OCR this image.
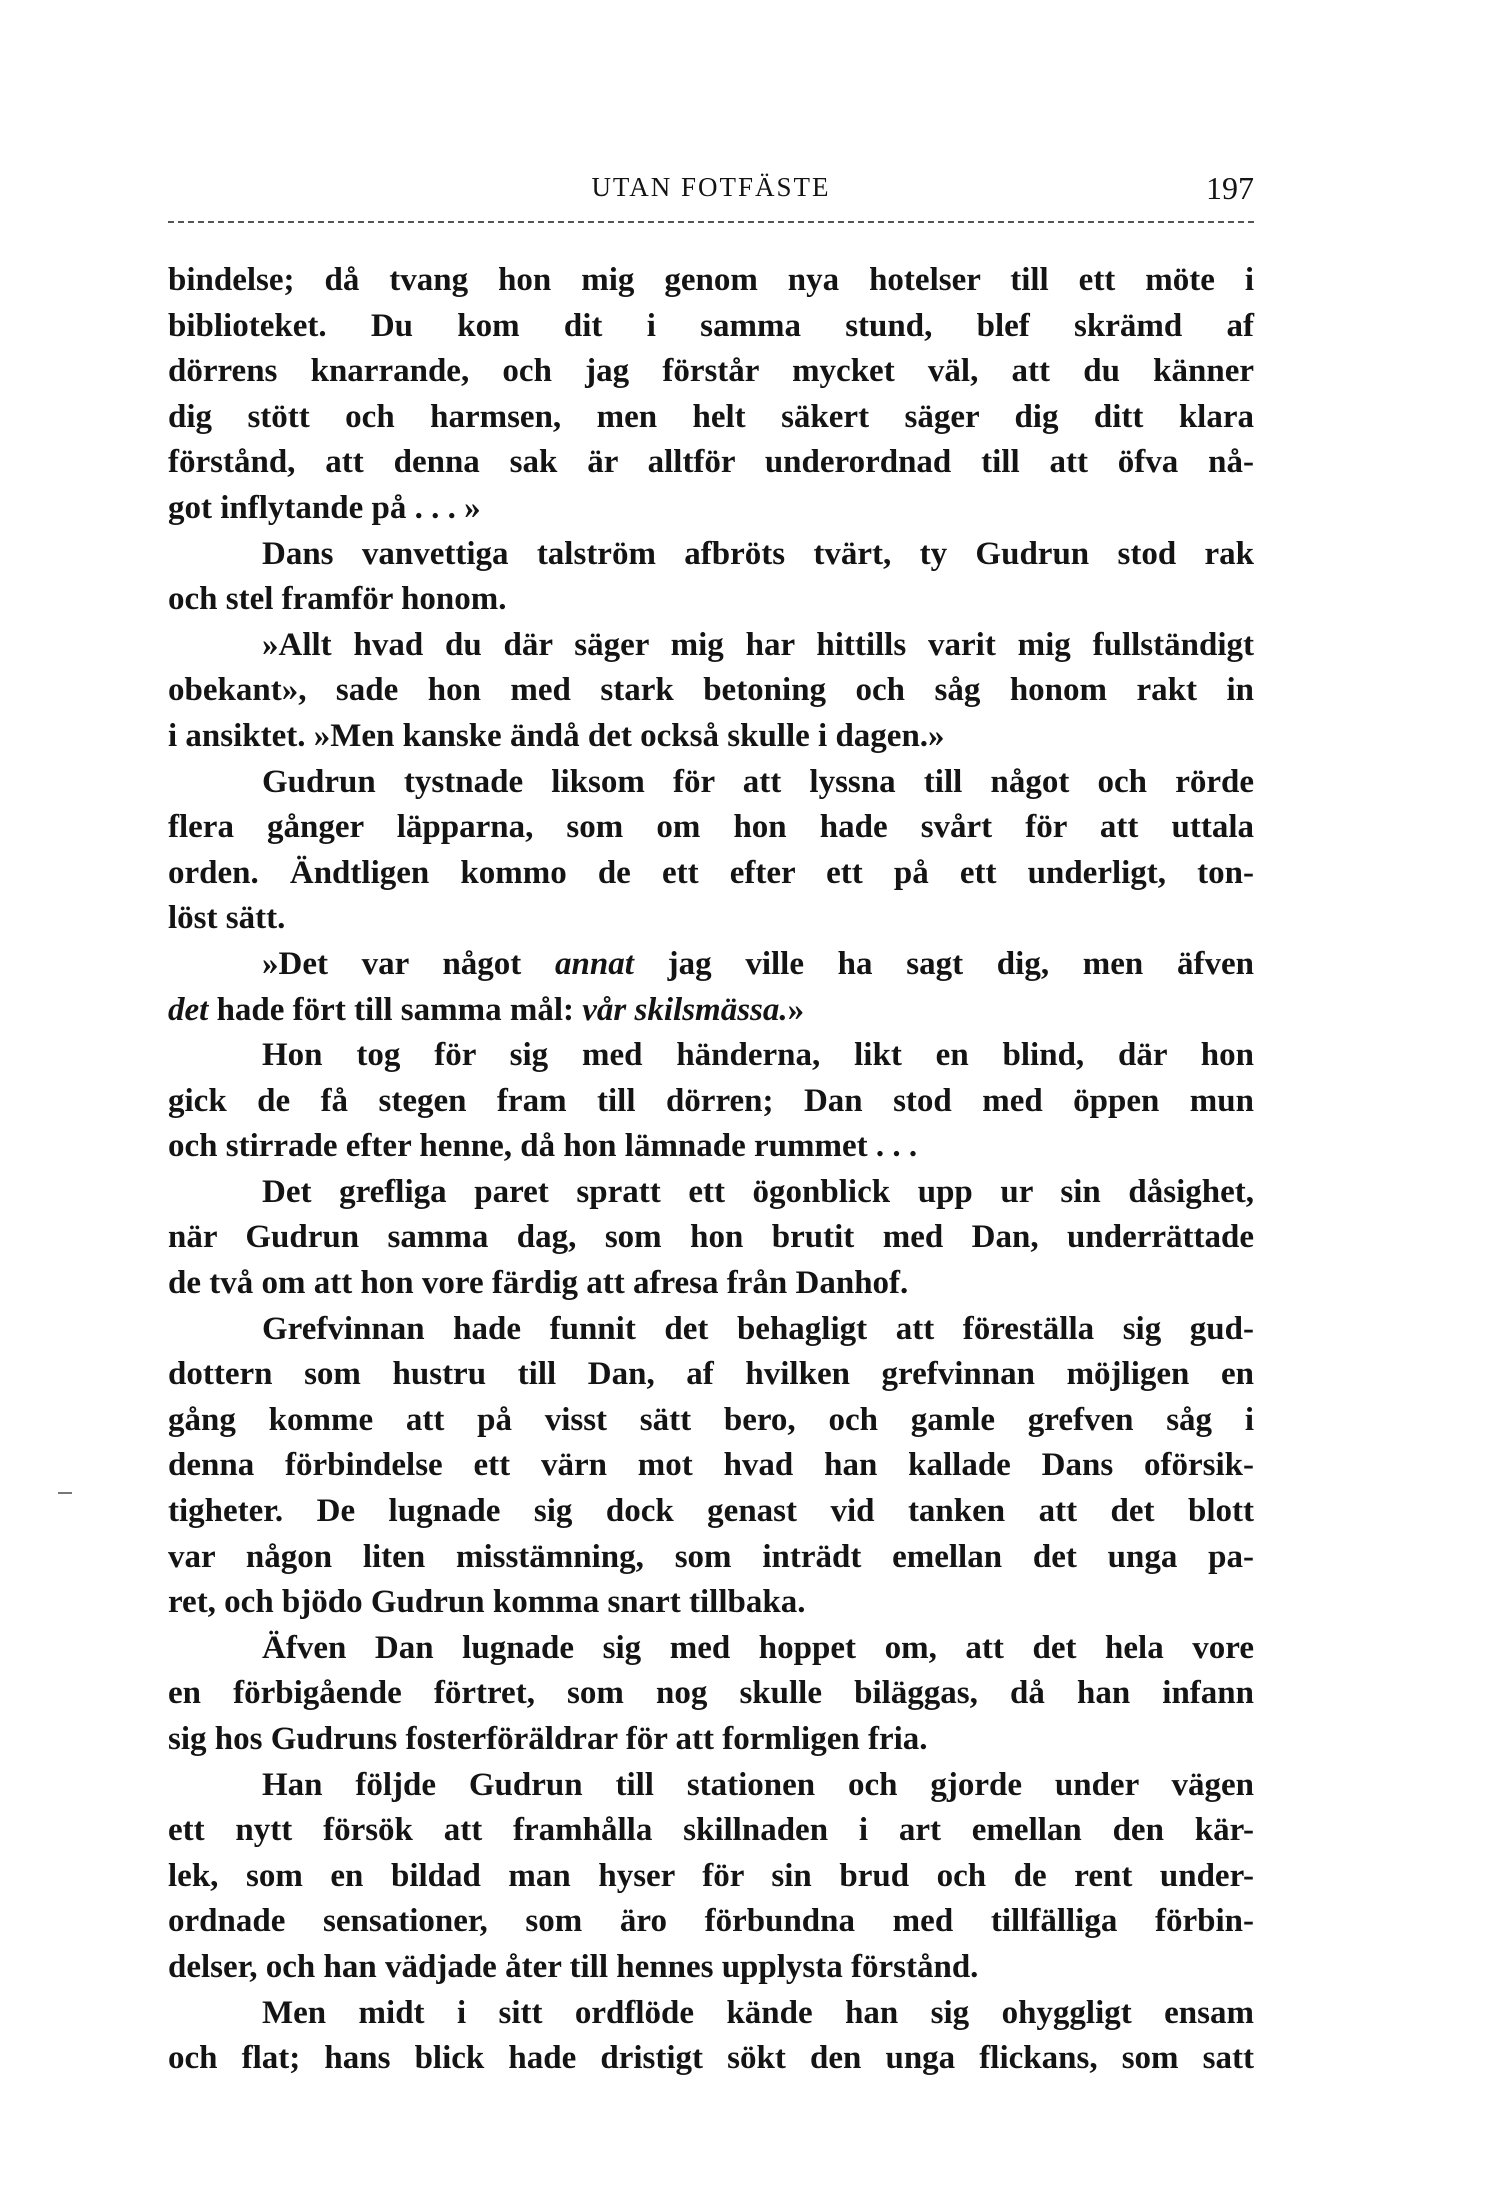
UTAN FOTFÄSTE	197
bindelse; då tvang hon mig genom nya hotelser till ett möte i
biblioteket. Du kom dit i samma stund, blef skrämd af
dörrens knarrande, och jag förstår mycket väl, att du känner
dig stött och harmsen, men helt säkert säger dig ditt klara
förstånd, att denna sak är alltför underordnad till att öfva nå-
got inflytande på . . . »
Dans vanvettiga talström afbröts tvärt, ty Gudrun stod rak
och stel framför honom.
»Allt hvad du där säger mig har hittills varit mig fullständigt
obekant», sade hon med stark betoning och såg honom rakt in
i ansiktet. »Men kanske ändå det också skulle i dagen.»
Gudrun tystnade liksom för att lyssna till något och rörde
flera gånger läpparna, som om hon hade svårt för att uttala
orden. Ändtligen kommo de ett efter ett på ett underligt, ton-
löst sätt.
»Det var något annat jag ville ha sagt dig, men äfven
det hade fört till samma mål: vår skilsmässa.»
Hon tog för sig med händerna, likt en blind, där hon
gick de få stegen fram till dörren; Dan stod med öppen mun
och stirrade efter henne, då hon lämnade rummet . . .
Det grefliga paret spratt ett ögonblick upp ur sin dåsighet,
när Gudrun samma dag, som hon brutit med Dan, underrättade
de två om att hon vore färdig att afresa från Danhof.
Grefvinnan hade funnit det behagligt att föreställa sig gud-
dottern som hustru till Dan, af hvilken grefvinnan möjligen en
gång komme att på visst sätt bero, och gamle grefven såg i
denna förbindelse ett värn mot hvad han kallade Dans oförsik-
tigheter. De lugnade sig dock genast vid tanken att det blott
var någon liten misstämning, som inträdt emellan det unga pa-
ret, och bjödo Gudrun komma snart tillbaka.
Äfven Dan lugnade sig med hoppet om, att det hela vore
en förbigående förtret, som nog skulle biläggas, då han infann
sig hos Gudruns fosterföräldrar för att formligen fria.
Han följde Gudrun till stationen och gjorde under vägen
ett nytt försök att framhålla skillnaden i art emellan den kär-
lek, som en bildad man hyser för sin brud och de rent under-
ordnade sensationer, som äro förbundna med tillfälliga förbin-
delser, och han vädjade åter till hennes upplysta förstånd.
Men midt i sitt ordflöde kände han sig ohyggligt ensam
och flat; hans blick hade dristigt sökt den unga flickans, som satt
